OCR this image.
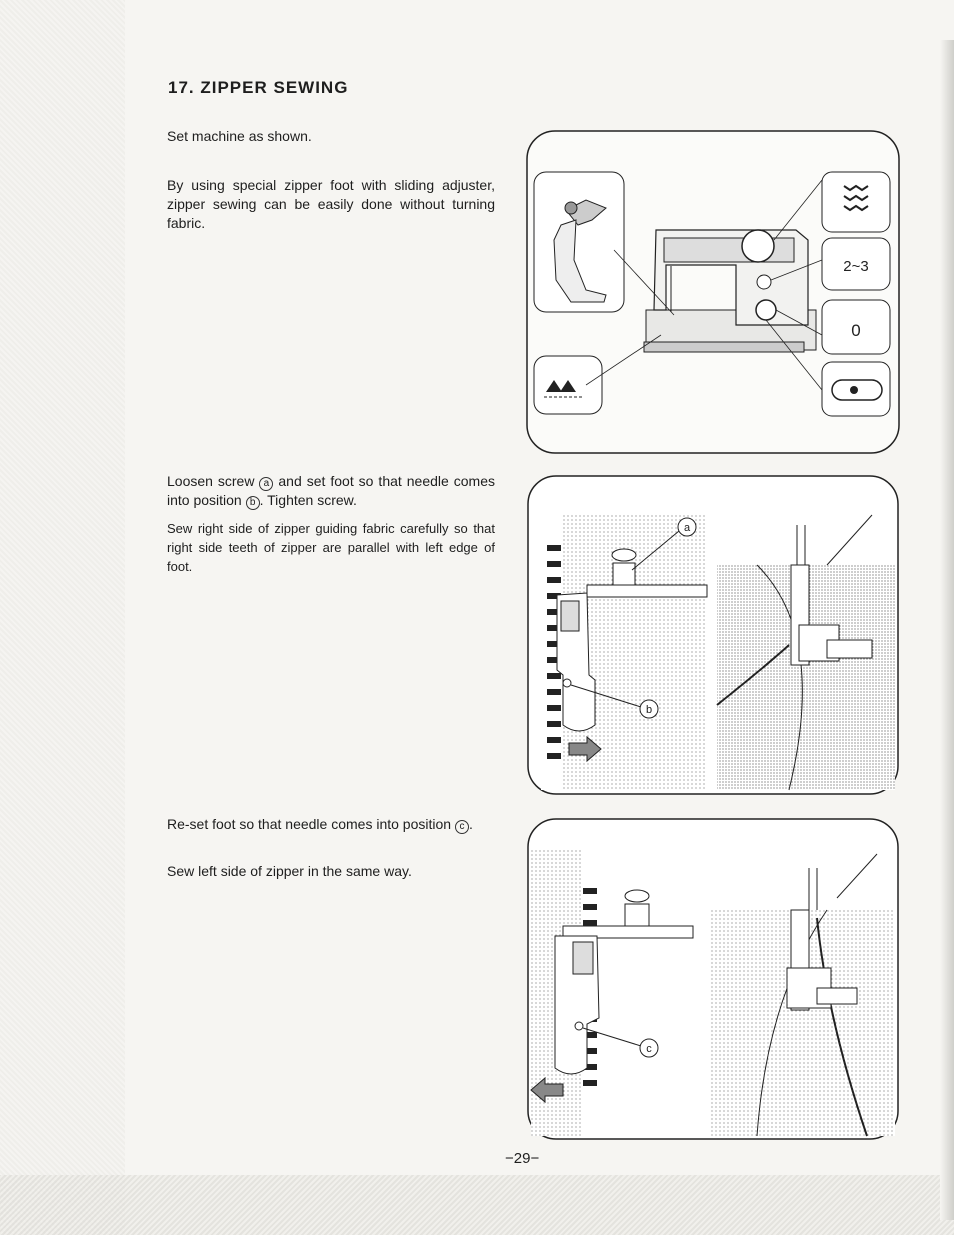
17. ZIPPER SEWING

Set machine as shown.

By using special zipper foot with sliding adjuster, zipper sewing can be easily done without turning fabric.

Loosen screw a and set foot so that needle comes into position b . Tighten screw.

Sew right side of zipper guiding fabric carefully so that right side teeth of zipper are parallel with left edge of foot.

Re-set foot so that needle comes into position c .

Sew left side of zipper in the same way.

2~3
0
a
b
c
−29−
